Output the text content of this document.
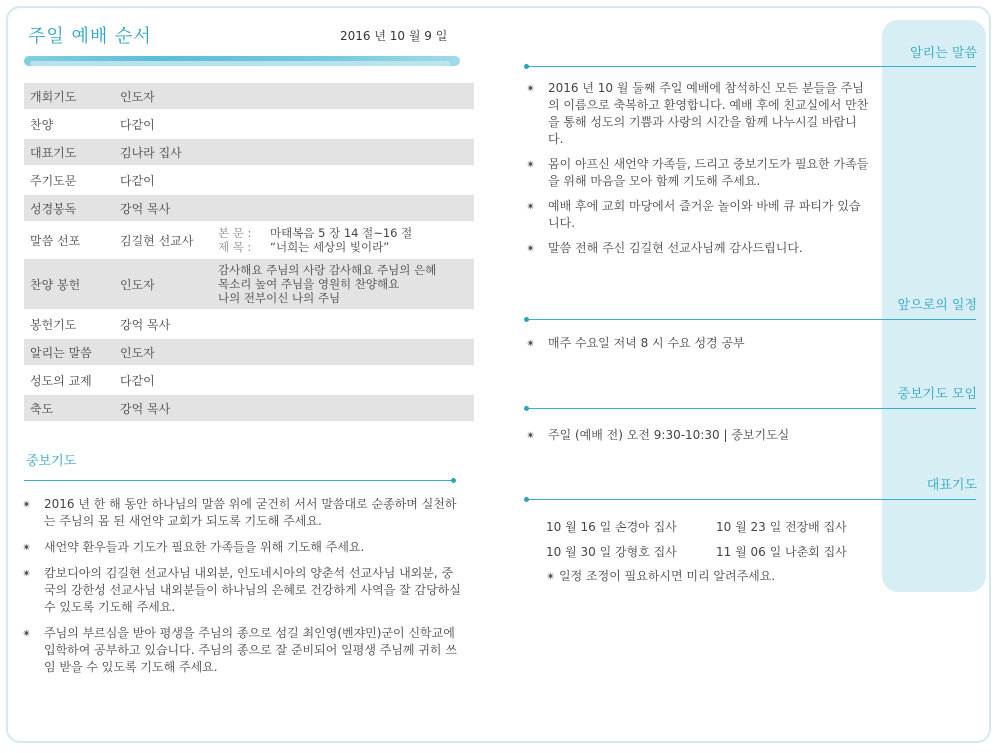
주일 예배 순서	2016 년 10 월 9 일
개회기도	인도자	
찬양	다같이	
대표기도	김나라 집사	
주기도문	다같이	
성경봉독	강억 목사	
말씀 선포	김길현 선교사	본 문 : 마태복음 5 장 14 절~16 절
제 목 : “너희는 세상의 빛이라”

찬양 봉헌	인도자	감사해요 주님의 사랑 감사해요 주님의 은혜
목소리 높여 주님을 영원히 찬양해요
나의 전부이신 나의 주님

봉헌기도	강억 목사	
알리는 말씀	인도자	
성도의 교제	다같이	
축도	강억 목사	
중보기도
✴ 2016 년 한 해 동안 하나님의 말씀 위에 굳건히 서서 말씀대로 순종하며 실천하는 주님의 몸 된 새언약 교회가 되도록 기도해 주세요.
✴ 새언약 환우들과 기도가 필요한 가족들을 위해 기도해 주세요.
✴ 캄보디아의 김길현 선교사님 내외분, 인도네시아의 양춘석 선교사님 내외분, 중국의 강한성 선교사님 내외분들이 하나님의 은혜로 건강하게 사역을 잘 감당하실 수 있도록 기도해 주세요.
✴ 주님의 부르심을 받아 평생을 주님의 종으로 섬길 최인영(벤쟈민)군이 신학교에 입학하여 공부하고 있습니다. 주님의 종으로 잘 준비되어 일평생 주님께 귀히 쓰임 받을 수 있도록 기도해 주세요.
알리는 말씀
✴ 2016 년 10 월 둘째 주일 예배에 참석하신 모든 분들을 주님의 이름으로 축복하고 환영합니다. 예배 후에 친교실에서 만찬을 통해 성도의 기쁨과 사랑의 시간을 함께 나누시길 바랍니다.
✴ 몸이 아프신 새언약 가족들, 드리고 중보기도가 필요한 가족들을 위해 마음을 모아 함께 기도해 주세요.
✴ 예배 후에 교회 마당에서 즐거운 놀이와 바베 큐 파티가 있습니다.
✴ 말씀 전해 주신 김길현 선교사님께 감사드립니다.
앞으로의 일정
✴ 매주 수요일 저녁 8 시 수요 성경 공부
중보기도 모임
✴ 주일 (예배 전) 오전 9:30-10:30 | 중보기도실
대표기도
10 월 16 일 손경아 집사	10 월 23 일 전장배 집사
10 월 30 일 강형호 집사	11 월 06 일 나춘회 집사
✴ 일정 조정이 필요하시면 미리 알려주세요.
